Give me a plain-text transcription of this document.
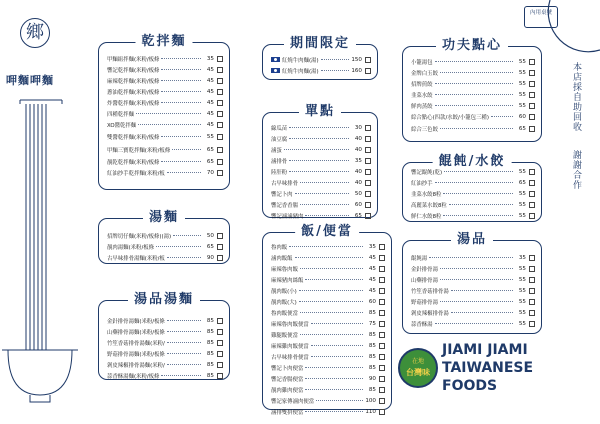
鄉
呷麵呷麵
內用桌號
本店採自助回收
謝謝合作
乾拌麵
甲麵組拌麵(米粉/板條	35
響記乾拌麵(米粉/板條	45
麻辣乾拌麵(米粉/板條	45
蔥油乾拌麵(米粉/板條	45
炸醬乾拌麵(米粉/板條	45
四種乾拌麵	45
XO醬乾拌麵	45
雙醬乾拌麵(米粉/板條	55
甲麵三寶乾拌麵(米粉/板條	65
靚乾乾拌麵(米粉/板條	65
紅油抄手乾拌麵(米粉/板	70
湯麵
招牌切仔麵(米粉/板條)(湯)	50
靚肉湯麵(米粉/板條	65
古早味排骨湯麵(米粉/板	90
湯品湯麵
金針排骨湯麵(米粉/板條	85
山藥排骨湯麵(米粉/板條	85
竹笙香菇排骨湯麵(米粉/	85
野菇排骨湯麵(米粉/板條	85
剝皮辣椒排骨湯麵(米粉/	85
蒜香酥湯麵(米粉/板條	85
期間限定
紅燒牛肉麵(湯)	150
紅燒牛肉麵(湯)	160
單點
線瓜苗	30
油豆腐	40
滷蛋	40
滷排骨	35
陸肝粉	40
古早味排骨	40
響記卜肉	50
響記香香腸	60
響記滷滷豬肉	65
飯/便當
魯肉飯	35
滷肉飯飯	45
麻辣魯肉飯	45
麻辣豬肉絲飯	45
靚肉飯(小)	45
靚肉飯(大)	60
魯肉飯便當	85
麻辣魯肉飯便當	75
雞腿飯便當	85
麻辣雞肉飯便當	85
古早味排骨便當	85
響記卜肉便當	85
響記香腸便當	90
靚肉雞肉便當	85
響記家傳滷肉便當	100
滷排雙拼便當	110
功夫點心
小籠湯包	55
金牌白玉餃	55
招牌煎餃	55
韭菜水餃	55
鮮肉蒸餃	55
綜合點心(四款/水餃/小籠包三種)	60
綜合三色餃	65
餛飩/水餃
響記餛飩(乾)	55
紅油抄手	65
韭菜水餃8粒	55
高麗菜水餃8粒	55
鮮仁水餃8粒	55
湯品
餛飩湯	35
金針排骨湯	55
山藥排骨湯	55
竹笙香菇排骨湯	55
野菇排骨湯	55
剝皮辣椒排骨湯	55
蒜香酥湯	55
在地
台灣味
JIAMI JIAMI
TAIWANESE
FOODS
